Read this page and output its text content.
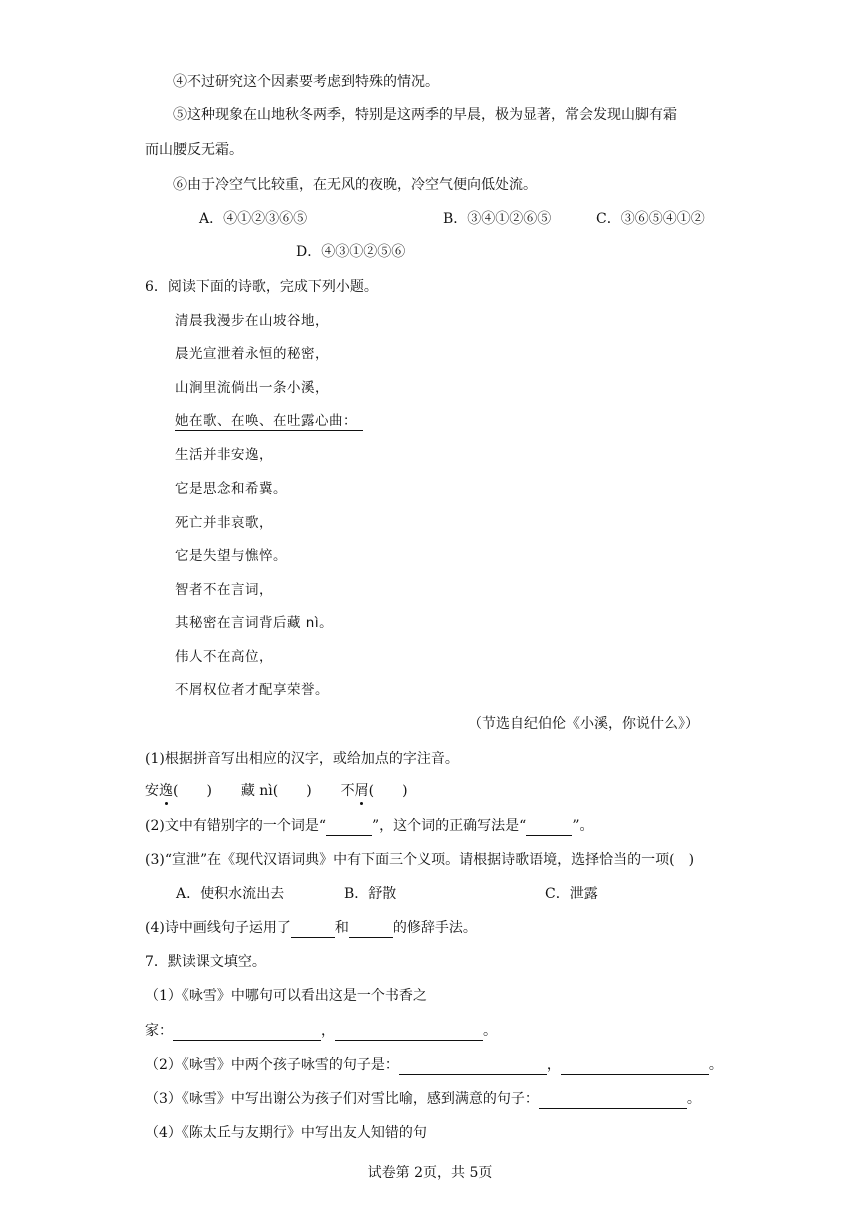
④不过研究这个因素要考虑到特殊的情况。
⑤这种现象在山地秋冬两季，特别是这两季的早晨，极为显著，常会发现山脚有霜
而山腰反无霜。
⑥由于冷空气比较重，在无风的夜晚，冷空气便向低处流。
A．④①②③⑥⑤	B．③④①②⑥⑤	C．③⑥⑤④①②
D．④③①②⑤⑥
6．阅读下面的诗歌，完成下列小题。
清晨我漫步在山坡谷地，
晨光宣泄着永恒的秘密，
山涧里流倘出一条小溪，
她在歌、在唤、在吐露心曲：
生活并非安逸，
它是思念和希冀。
死亡并非哀歌，
它是失望与憔悴。
智者不在言词，
其秘密在言词背后藏 nì。
伟人不在高位，
不屑权位者才配享荣誉。
（节选自纪伯伦《小溪，你说什么》）
(1)根据拼音写出相应的汉字，或给加点的字注音。
安逸(　　) 藏 nì(　　) 不屑(　　)
(2)文中有错别字的一个词是“	”，这个词的正确写法是“	”。
(3)“宣泄”在《现代汉语词典》中有下面三个义项。请根据诗歌语境，选择恰当的一项(　)
A．使积水流出去	B．舒散	C．泄露
(4)诗中画线句子运用了	和	的修辞手法。
7．默读课文填空。
（1）《咏雪》中哪句可以看出这是一个书香之
家：	，	。
（2）《咏雪》中两个孩子咏雪的句子是：	，	。
（3）《咏雪》中写出谢公为孩子们对雪比喻，感到满意的句子：	。
（4）《陈太丘与友期行》中写出友人知错的句
试卷第 2页，共 5页
